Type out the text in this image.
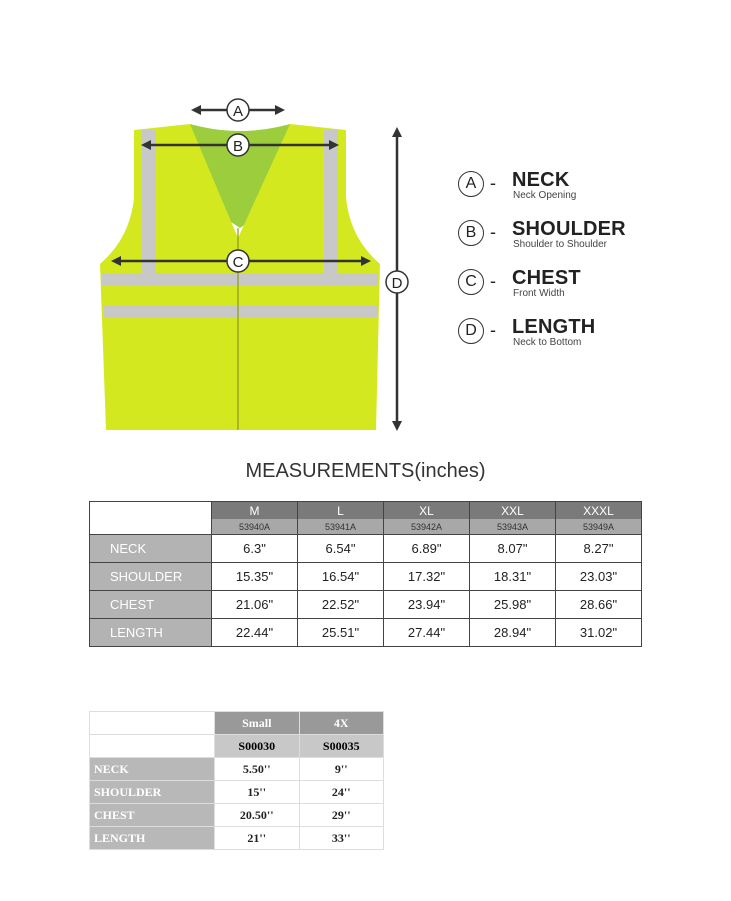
A
B
C
D
A - NECK
Neck Opening
B - SHOULDER
Shoulder to Shoulder
C - CHEST
Front Width
D - LENGTH
Neck to Bottom
MEASUREMENTS(inches)
	M	L	XL	XXL	XXXL
	53940A	53941A	53942A	53943A	53949A
NECK	6.3"	6.54"	6.89"	8.07"	8.27"
SHOULDER	15.35"	16.54"	17.32"	18.31"	23.03"
CHEST	21.06"	22.52"	23.94"	25.98"	28.66"
LENGTH	22.44"	25.51"	27.44"	28.94"	31.02"
	Small	4X
	S00030	S00035
NECK	5.50''	9''
SHOULDER	15''	24''
CHEST	20.50''	29''
LENGTH	21''	33''
